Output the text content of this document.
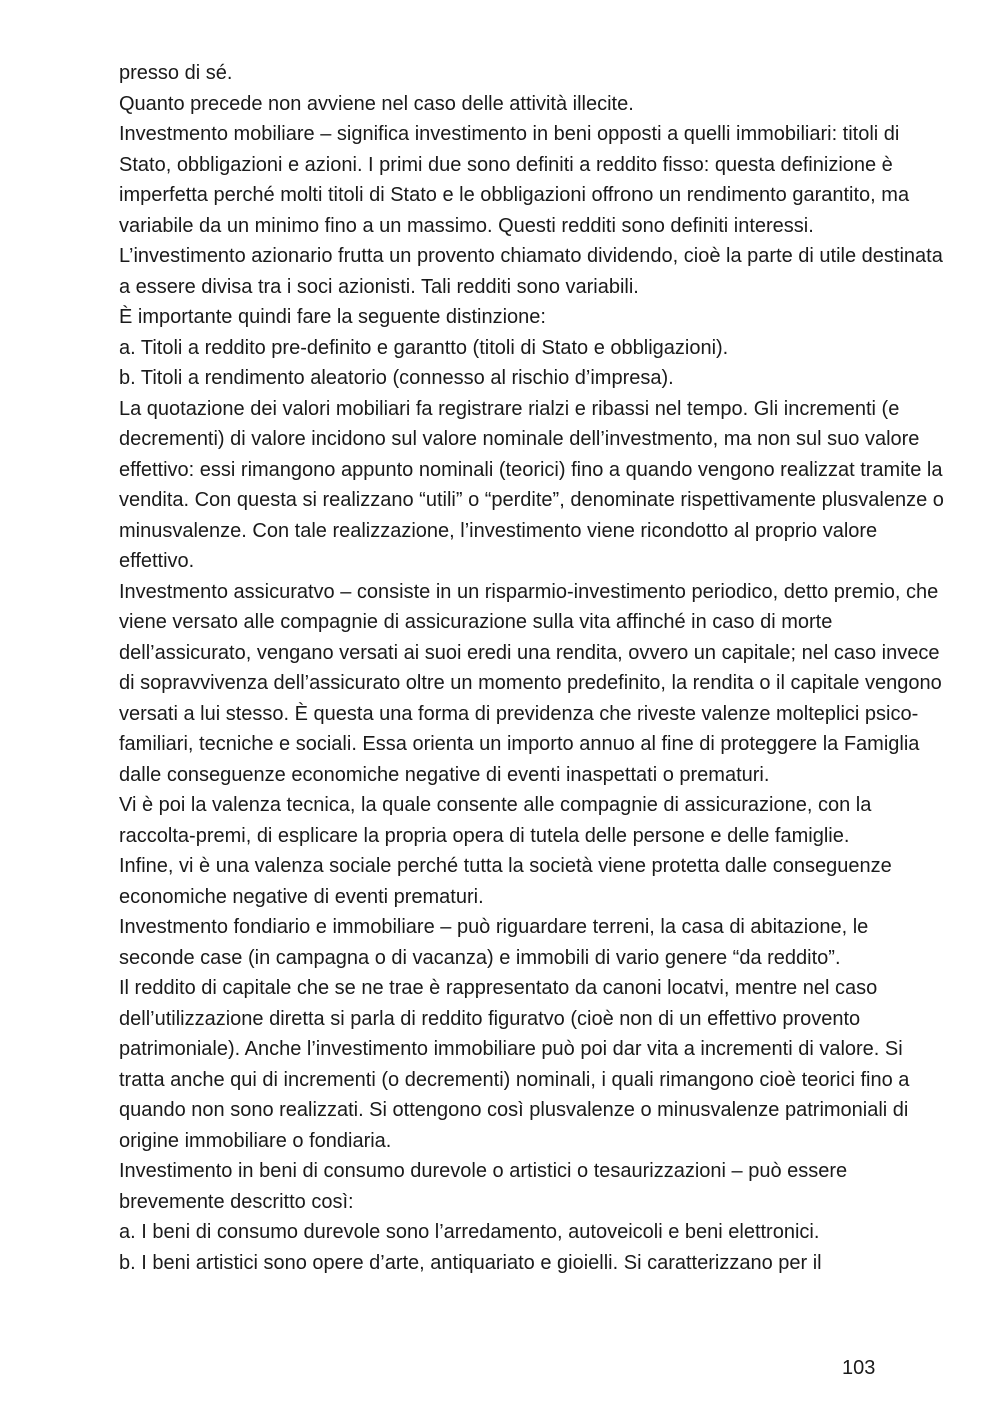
presso di sé.

Quanto precede non avviene nel caso delle attività illecite.

Investmento mobiliare – significa investimento in beni opposti a quelli immobiliari: titoli di Stato, obbligazioni e azioni. I primi due sono definiti a reddito fisso: questa definizione è imperfetta perché molti titoli di Stato e le obbligazioni offrono un rendimento garantito, ma variabile da un minimo fino a un massimo. Questi redditi sono definiti interessi.

L’investimento azionario frutta un provento chiamato dividendo, cioè la parte di utile destinata a essere divisa tra i soci azionisti. Tali redditi sono variabili.

È importante quindi fare la seguente distinzione:

a. Titoli a reddito pre-definito e garantto (titoli di Stato e obbligazioni).

b. Titoli a rendimento aleatorio (connesso al rischio d’impresa).

La quotazione dei valori mobiliari fa registrare rialzi e ribassi nel tempo. Gli incrementi (e decrementi) di valore incidono sul valore nominale dell’investmento, ma non sul suo valore effettivo: essi rimangono appunto nominali (teorici) fino a quando vengono realizzat tramite la vendita. Con questa si realizzano “utili” o “perdite”, denominate rispettivamente plusvalenze o minusvalenze. Con tale realizzazione, l’investimento viene ricondotto al proprio valore effettivo.

Investmento assicuratvo – consiste in un risparmio-investimento periodico, detto premio, che viene versato alle compagnie di assicurazione sulla vita affinché in caso di morte dell’assicurato, vengano versati ai suoi eredi una rendita, ovvero un capitale; nel caso invece di sopravvivenza dell’assicurato oltre un momento predefinito, la rendita o il capitale vengono versati a lui stesso. È questa una forma di previdenza che riveste valenze molteplici psico-familiari, tecniche e sociali. Essa orienta un importo annuo al fine di proteggere la Famiglia dalle conseguenze economiche negative di eventi inaspettati o prematuri.

Vi è poi la valenza tecnica, la quale consente alle compagnie di assicurazione, con la raccolta-premi, di esplicare la propria opera di tutela delle persone e delle famiglie.

Infine, vi è una valenza sociale perché tutta la società viene protetta dalle conseguenze economiche negative di eventi prematuri.

Investmento fondiario e immobiliare – può riguardare terreni, la casa di abitazione, le seconde case (in campagna o di vacanza) e immobili di vario genere “da reddito”.

Il reddito di capitale che se ne trae è rappresentato da canoni locatvi, mentre nel caso dell’utilizzazione diretta si parla di reddito figuratvo (cioè non di un effettivo provento patrimoniale). Anche l’investimento immobiliare può poi dar vita a incrementi di valore. Si tratta anche qui di incrementi (o decrementi) nominali, i quali rimangono cioè teorici fino a quando non sono realizzati. Si ottengono così plusvalenze o minusvalenze patrimoniali di origine immobiliare o fondiaria.

Investimento in beni di consumo durevole o artistici o tesaurizzazioni – può essere brevemente descritto così:

a. I beni di consumo durevole sono l’arredamento, autoveicoli e beni elettronici.

b. I beni artistici sono opere d’arte, antiquariato e gioielli. Si caratterizzano per il

103
